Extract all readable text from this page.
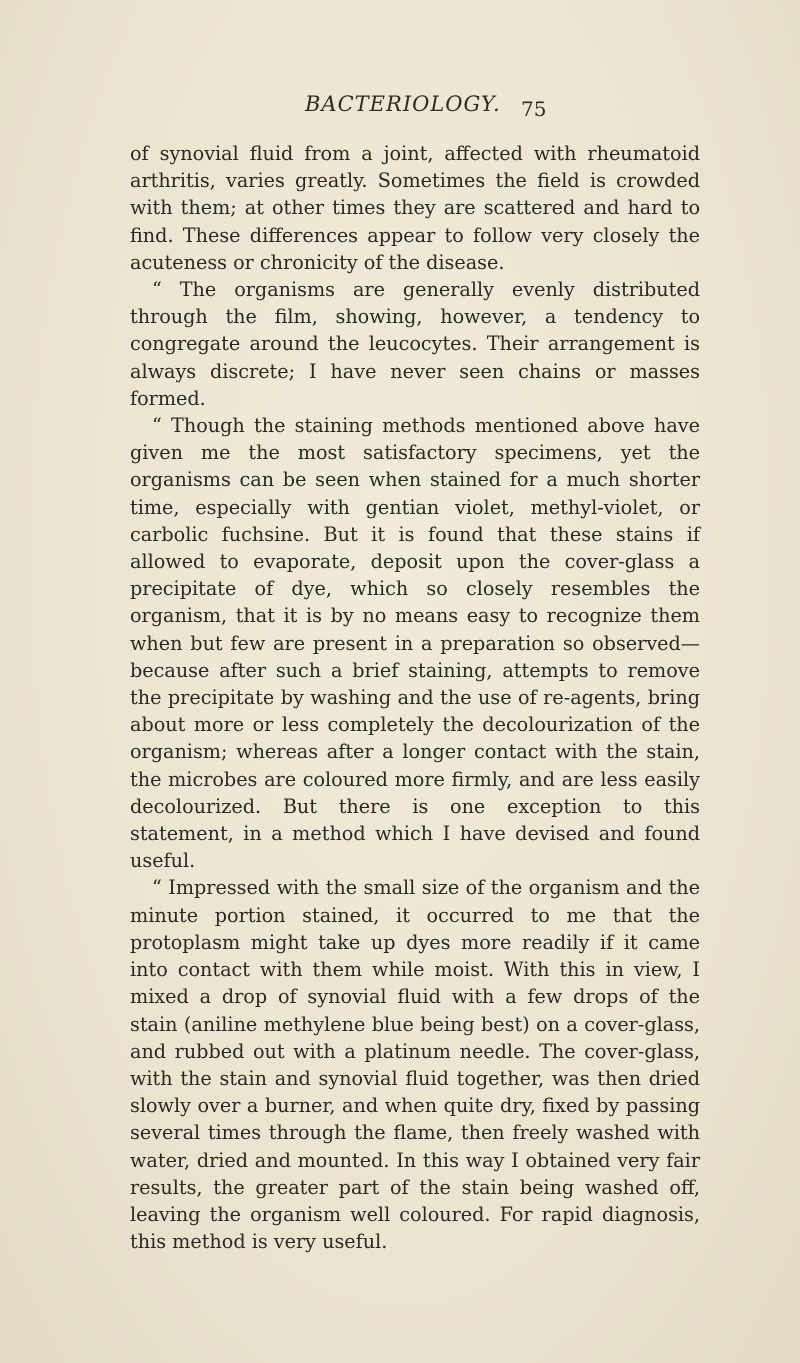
BACTERIOLOGY. 75

of synovial fluid from a joint, affected with rheumatoid arthritis, varies greatly. Sometimes the field is crowded with them; at other times they are scattered and hard to find. These differences appear to follow very closely the acuteness or chronicity of the disease.

“ The organisms are generally evenly distributed through the film, showing, however, a tendency to congregate around the leucocytes. Their arrangement is always discrete; I have never seen chains or masses formed.

“ Though the staining methods mentioned above have given me the most satisfactory specimens, yet the organisms can be seen when stained for a much shorter time, especially with gentian violet, methyl-violet, or carbolic fuchsine. But it is found that these stains if allowed to evaporate, deposit upon the cover-glass a precipitate of dye, which so closely resembles the organism, that it is by no means easy to recognize them when but few are present in a preparation so observed—because after such a brief staining, attempts to remove the precipitate by washing and the use of re-agents, bring about more or less completely the decolourization of the organism; whereas after a longer contact with the stain, the microbes are coloured more firmly, and are less easily decolourized. But there is one exception to this statement, in a method which I have devised and found useful.

“ Impressed with the small size of the organism and the minute portion stained, it occurred to me that the protoplasm might take up dyes more readily if it came into contact with them while moist. With this in view, I mixed a drop of synovial fluid with a few drops of the stain (aniline methylene blue being best) on a cover-glass, and rubbed out with a platinum needle. The cover-glass, with the stain and synovial fluid together, was then dried slowly over a burner, and when quite dry, fixed by passing several times through the flame, then freely washed with water, dried and mounted. In this way I obtained very fair results, the greater part of the stain being washed off, leaving the organism well coloured. For rapid diagnosis, this method is very useful.
